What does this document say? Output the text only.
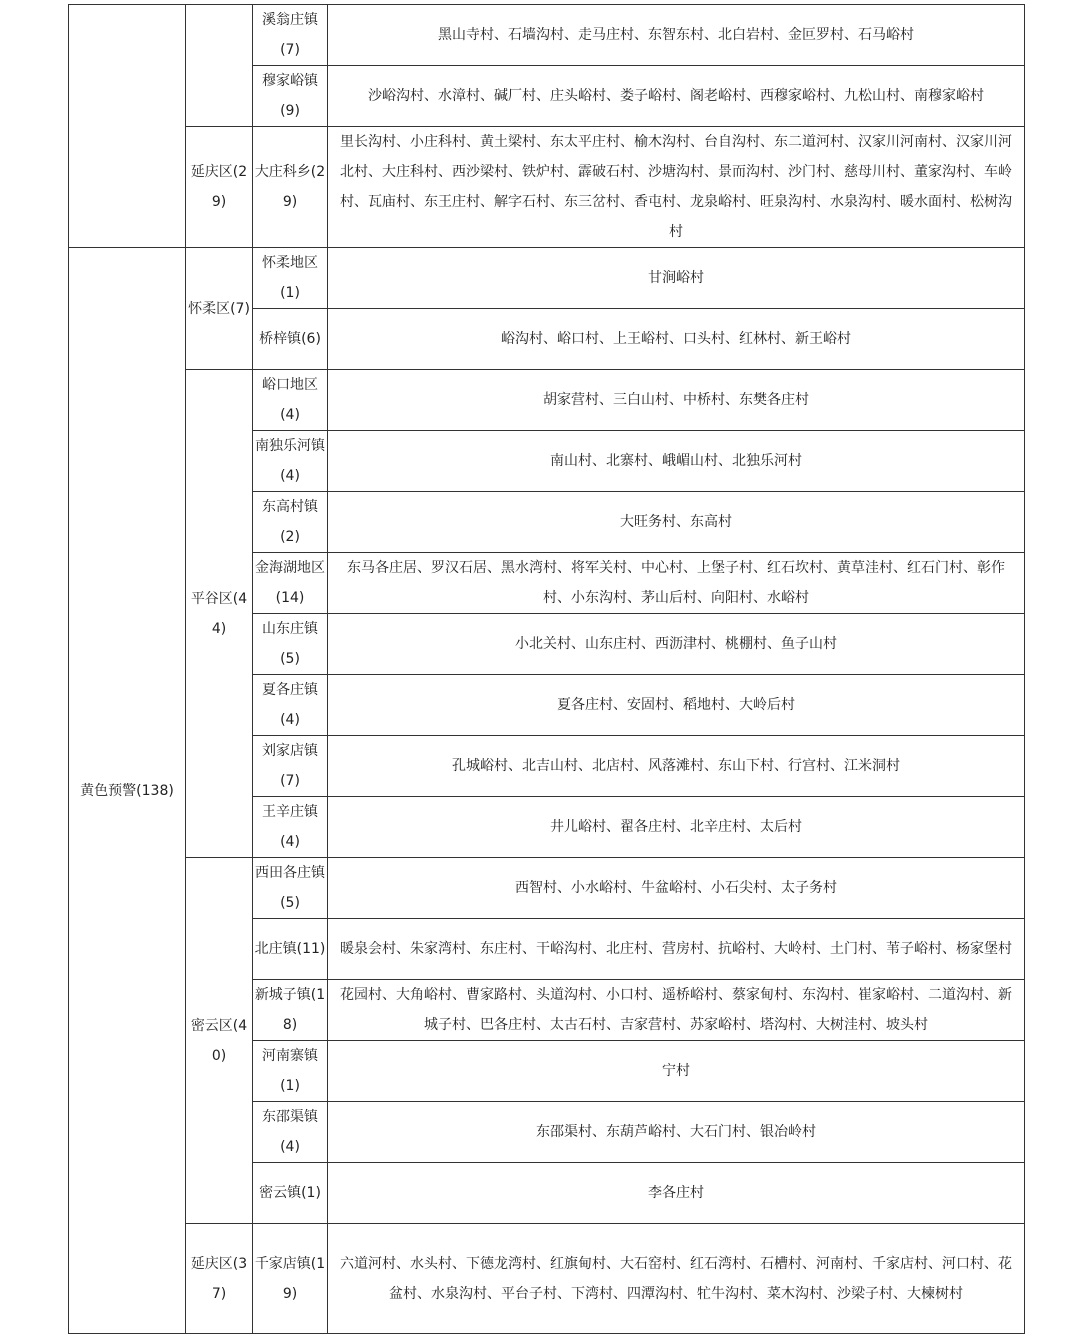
		溪翁庄镇(7)	黑山寺村、石墙沟村、走马庄村、东智东村、北白岩村、金叵罗村、石马峪村
		穆家峪镇(9)	沙峪沟村、水漳村、碱厂村、庄头峪村、娄子峪村、阁老峪村、西穆家峪村、九松山村、南穆家峪村
	延庆区(29)	大庄科乡(29)	里长沟村、小庄科村、黄土梁村、东太平庄村、榆木沟村、台自沟村、东二道河村、汉家川河南村、汉家川河北村、大庄科村、西沙梁村、铁炉村、霹破石村、沙塘沟村、景而沟村、沙门村、慈母川村、董家沟村、车岭村、瓦庙村、东王庄村、解字石村、东三岔村、香屯村、龙泉峪村、旺泉沟村、水泉沟村、暖水面村、松树沟村
黄色预警(138)	怀柔区(7)	怀柔地区(1)	甘涧峪村
		桥梓镇(6)	峪沟村、峪口村、上王峪村、口头村、红林村、新王峪村
	平谷区(44)	峪口地区(4)	胡家营村、三白山村、中桥村、东樊各庄村
		南独乐河镇(4)	南山村、北寨村、峨嵋山村、北独乐河村
		东高村镇(2)	大旺务村、东高村
		金海湖地区(14)	东马各庄居、罗汉石居、黑水湾村、将军关村、中心村、上堡子村、红石坎村、黄草洼村、红石门村、彰作村、小东沟村、茅山后村、向阳村、水峪村
		山东庄镇(5)	小北关村、山东庄村、西沥津村、桃棚村、鱼子山村
		夏各庄镇(4)	夏各庄村、安固村、稻地村、大岭后村
		刘家店镇(7)	孔城峪村、北吉山村、北店村、风落滩村、东山下村、行宫村、江米洞村
		王辛庄镇(4)	井儿峪村、翟各庄村、北辛庄村、太后村
	密云区(40)	西田各庄镇(5)	西智村、小水峪村、牛盆峪村、小石尖村、太子务村
		北庄镇(11)	暖泉会村、朱家湾村、东庄村、干峪沟村、北庄村、营房村、抗峪村、大岭村、土门村、苇子峪村、杨家堡村
		新城子镇(18)	花园村、大角峪村、曹家路村、头道沟村、小口村、遥桥峪村、蔡家甸村、东沟村、崔家峪村、二道沟村、新城子村、巴各庄村、太古石村、吉家营村、苏家峪村、塔沟村、大树洼村、坡头村
		河南寨镇(1)	宁村
		东邵渠镇(4)	东邵渠村、东葫芦峪村、大石门村、银冶岭村
		密云镇(1)	李各庄村
	延庆区(37)	千家店镇(19)	六道河村、水头村、下德龙湾村、红旗甸村、大石窑村、红石湾村、石槽村、河南村、千家店村、河口村、花盆村、水泉沟村、平台子村、下湾村、四潭沟村、牤牛沟村、菜木沟村、沙梁子村、大楝树村
